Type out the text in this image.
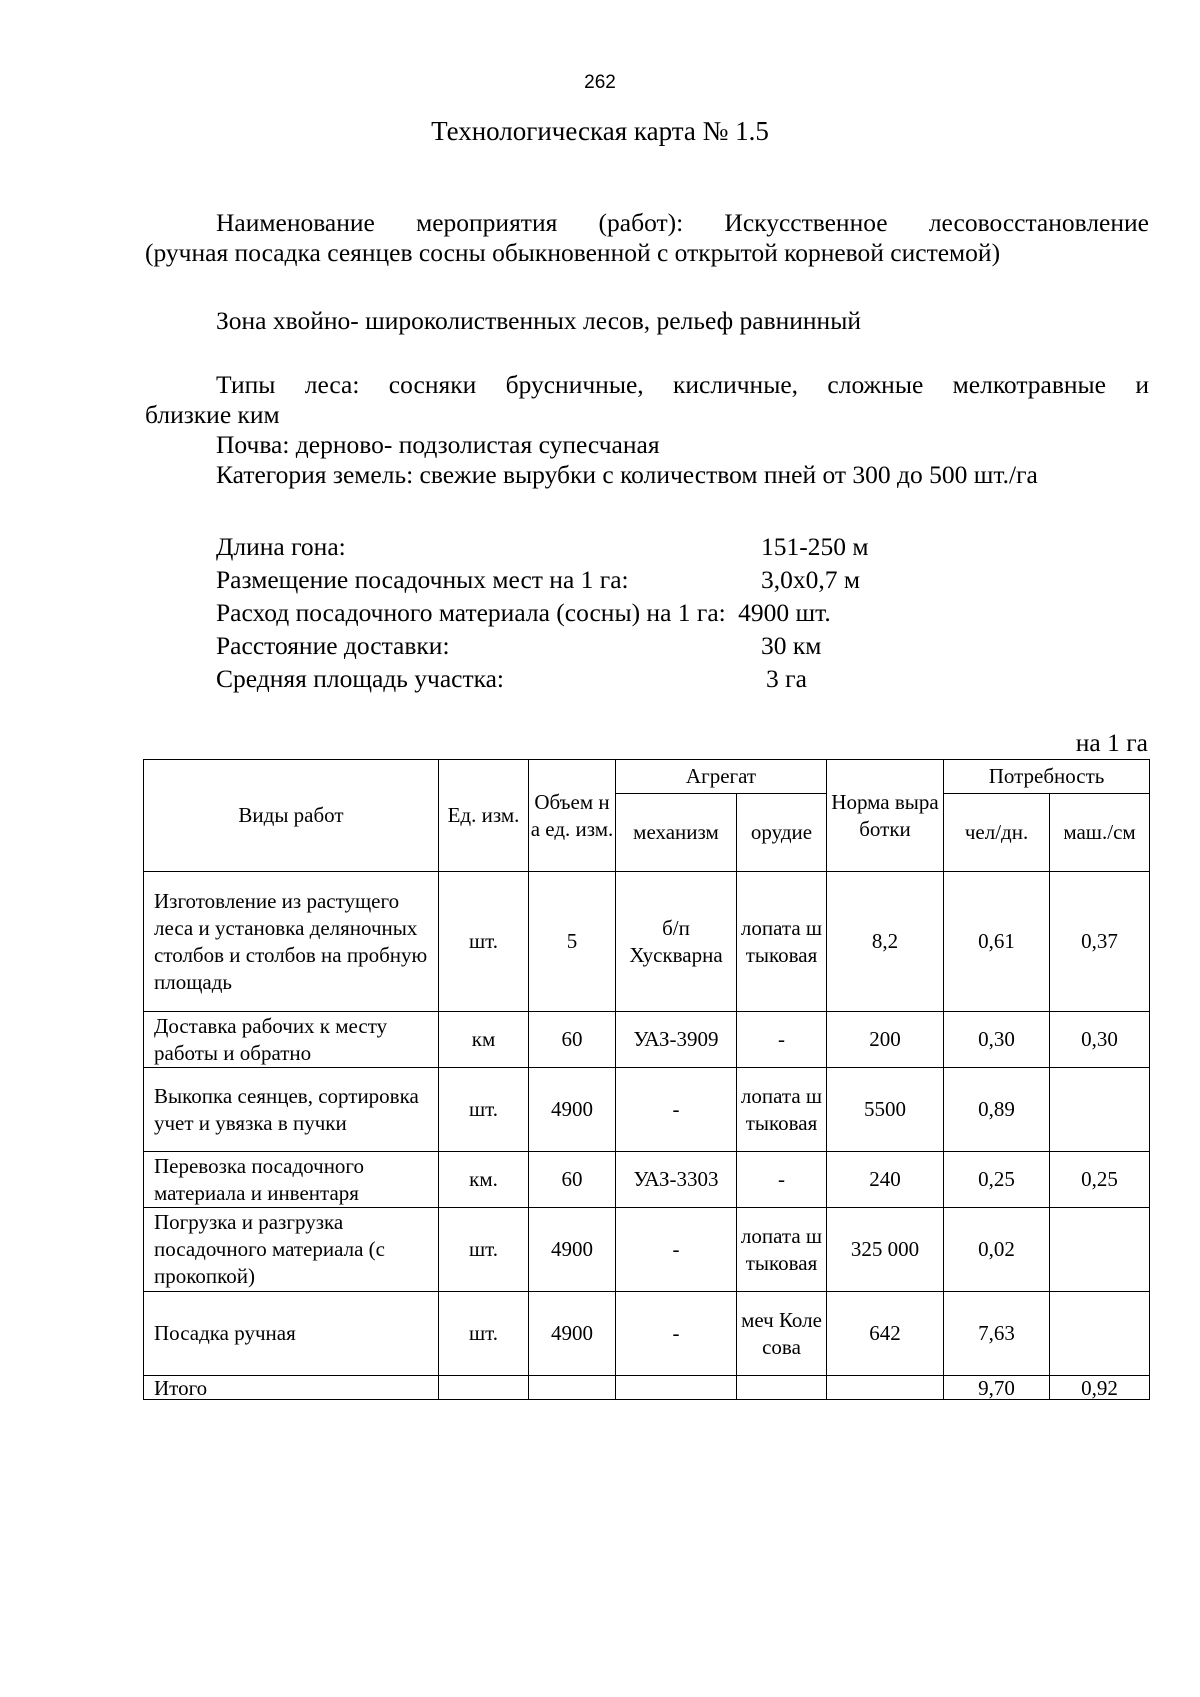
262
Технологическая карта № 1.5
Наименование мероприятия (работ): Искусственное лесовосстановление
(ручная посадка сеянцев сосны обыкновенной с открытой корневой системой)
Зона хвойно- широколиственных лесов, рельеф равнинный
Типы леса: сосняки брусничные, кисличные, сложные мелкотравные и
близкие ким
Почва: дерново- подзолистая супесчаная
Категория земель: свежие вырубки с количеством пней от 300 до 500 шт./га
Длина гона:	151-250 м
Размещение посадочных мест на 1 га:	3,0х0,7 м
Расход посадочного материала (сосны) на 1 га: 4900 шт.
Расстояние доставки:	30 км
Средняя площадь участка:	3 га
на 1 га
Виды работ	Ед. изм.	Объем на ед. изм.	Агрегат		Норма выработки	Потребность	
			механизм	орудие		чел/дн.	маш./см
Изготовление из растущего леса и установка деляночных столбов и столбов на пробную площадь	шт.	5	б/п Хускварна	лопата штыковая	8,2	0,61	0,37
Доставка рабочих к месту работы и обратно	км	60	УАЗ-3909	-	200	0,30	0,30
Выкопка сеянцев, сортировка учет и увязка в пучки	шт.	4900	-	лопата штыковая	5500	0,89	
Перевозка посадочного материала и инвентаря	км.	60	УАЗ-3303	-	240	0,25	0,25
Погрузка и разгрузка посадочного материала (с прокопкой)	шт.	4900	-	лопата штыковая	325 000	0,02	
Посадка ручная	шт.	4900	-	меч Колесова	642	7,63	
Итого						9,70	0,92
